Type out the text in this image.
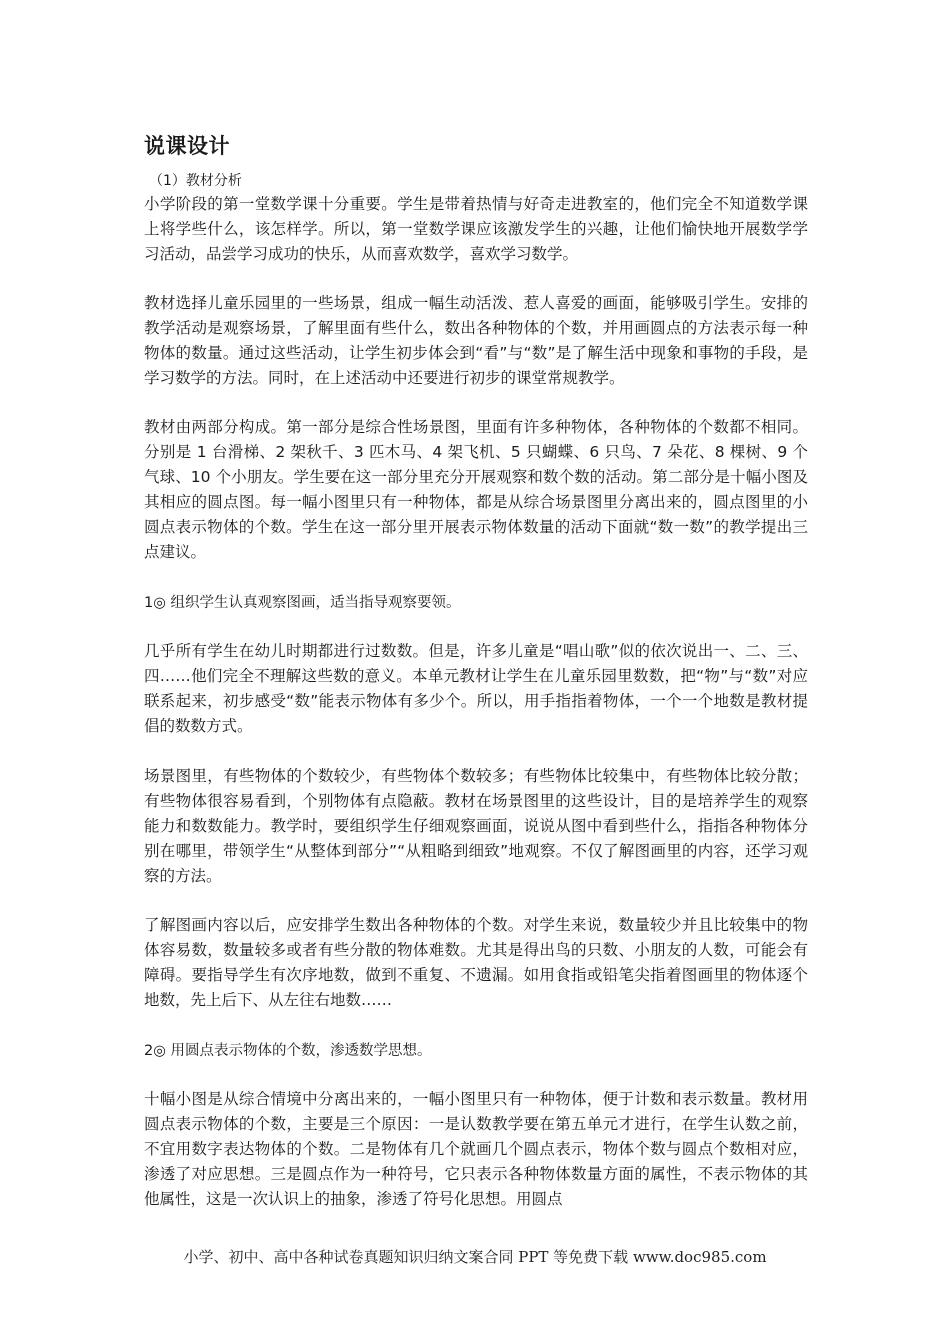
说课设计

（1）教材分析

小学阶段的第一堂数学课十分重要。学生是带着热情与好奇走进教室的，他们完全不知道数学课上将学些什么，该怎样学。所以，第一堂数学课应该激发学生的兴趣，让他们愉快地开展数学学习活动，品尝学习成功的快乐，从而喜欢数学，喜欢学习数学。

教材选择儿童乐园里的一些场景，组成一幅生动活泼、惹人喜爱的画面，能够吸引学生。安排的教学活动是观察场景，了解里面有些什么，数出各种物体的个数，并用画圆点的方法表示每一种物体的数量。通过这些活动，让学生初步体会到“看”与“数”是了解生活中现象和事物的手段，是学习数学的方法。同时，在上述活动中还要进行初步的课堂常规教学。

教材由两部分构成。第一部分是综合性场景图，里面有许多种物体，各种物体的个数都不相同。分别是 1 台滑梯、2 架秋千、3 匹木马、4 架飞机、5 只蝴蝶、6 只鸟、7 朵花、8 棵树、9 个气球、10 个小朋友。学生要在这一部分里充分开展观察和数个数的活动。第二部分是十幅小图及其相应的圆点图。每一幅小图里只有一种物体，都是从综合场景图里分离出来的，圆点图里的小圆点表示物体的个数。学生在这一部分里开展表示物体数量的活动下面就“数一数”的教学提出三点建议。

1◎ 组织学生认真观察图画，适当指导观察要领。

几乎所有学生在幼儿时期都进行过数数。但是，许多儿童是“唱山歌”似的依次说出一、二、三、四……他们完全不理解这些数的意义。本单元教材让学生在儿童乐园里数数，把“物”与“数”对应联系起来，初步感受“数”能表示物体有多少个。所以，用手指指着物体，一个一个地数是教材提倡的数数方式。

场景图里，有些物体的个数较少，有些物体个数较多；有些物体比较集中，有些物体比较分散；有些物体很容易看到，个别物体有点隐蔽。教材在场景图里的这些设计，目的是培养学生的观察能力和数数能力。教学时，要组织学生仔细观察画面，说说从图中看到些什么，指指各种物体分别在哪里，带领学生“从整体到部分”“从粗略到细致”地观察。不仅了解图画里的内容，还学习观察的方法。

了解图画内容以后，应安排学生数出各种物体的个数。对学生来说，数量较少并且比较集中的物体容易数，数量较多或者有些分散的物体难数。尤其是得出鸟的只数、小朋友的人数，可能会有障碍。要指导学生有次序地数，做到不重复、不遗漏。如用食指或铅笔尖指着图画里的物体逐个地数，先上后下、从左往右地数……

2◎ 用圆点表示物体的个数，渗透数学思想。

十幅小图是从综合情境中分离出来的，一幅小图里只有一种物体，便于计数和表示数量。教材用圆点表示物体的个数，主要是三个原因：一是认数教学要在第五单元才进行，在学生认数之前，不宜用数字表达物体的个数。二是物体有几个就画几个圆点表示，物体个数与圆点个数相对应，渗透了对应思想。三是圆点作为一种符号，它只表示各种物体数量方面的属性，不表示物体的其他属性，这是一次认识上的抽象，渗透了符号化思想。用圆点

小学、初中、高中各种试卷真题知识归纳文案合同 PPT 等免费下载 www.doc985.com
